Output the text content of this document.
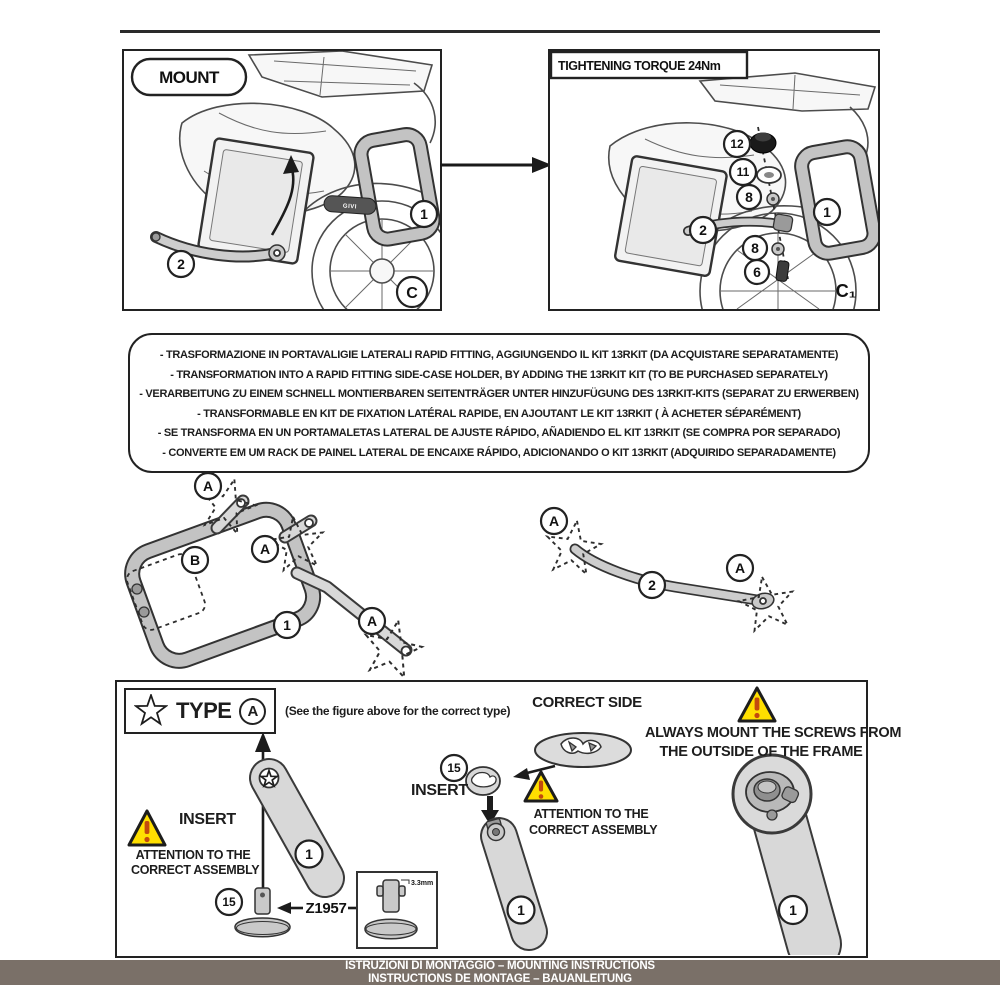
GIVI	1
2
C
MOUNT
12
11
8
2
8
6
1
C₁
TIGHTENING TORQUE 24Nm
- TRASFORMAZIONE IN PORTAVALIGIE LATERALI RAPID FITTING, AGGIUNGENDO IL KIT 13RKIT (DA ACQUISTARE SEPARATAMENTE)
- TRANSFORMATION INTO A RAPID FITTING SIDE-CASE HOLDER, BY ADDING THE 13RKIT KIT (TO BE PURCHASED SEPARATELY)
- VERARBEITUNG ZU EINEM SCHNELL MONTIERBAREN SEITENTRÄGER UNTER HINZUFÜGUNG DES 13RKIT-KITS (SEPARAT ZU ERWERBEN)
- TRANSFORMABLE EN KIT DE FIXATION LATÉRAL RAPIDE, EN AJOUTANT LE KIT 13RKIT ( À ACHETER SÉPARÉMENT)
- SE TRANSFORMA EN UN PORTAMALETAS LATERAL DE AJUSTE RÁPIDO, AÑADIENDO EL KIT 13RKIT (SE COMPRA POR SEPARADO)
- CONVERTE EM UM RACK DE PAINEL LATERAL DE ENCAIXE RÁPIDO, ADICIONANDO O KIT 13RKIT (ADQUIRIDO SEPARADAMENTE)
A
A
B
1	A
A
2
A
Z1957
3.3mm
1
15
15
1	1
TYPE	A	(See the figure above for the correct type) CORRECT SIDE
ALWAYS MOUNT THE SCREWS FROM
THE OUTSIDE OF THE FRAME
INSERT
ATTENTION TO THE
CORRECT ASSEMBLY
INSERT
ATTENTION TO THE
CORRECT ASSEMBLY
ISTRUZIONI DI MONTAGGIO – MOUNTING INSTRUCTIONS
INSTRUCTIONS DE MONTAGE – BAUANLEITUNG
